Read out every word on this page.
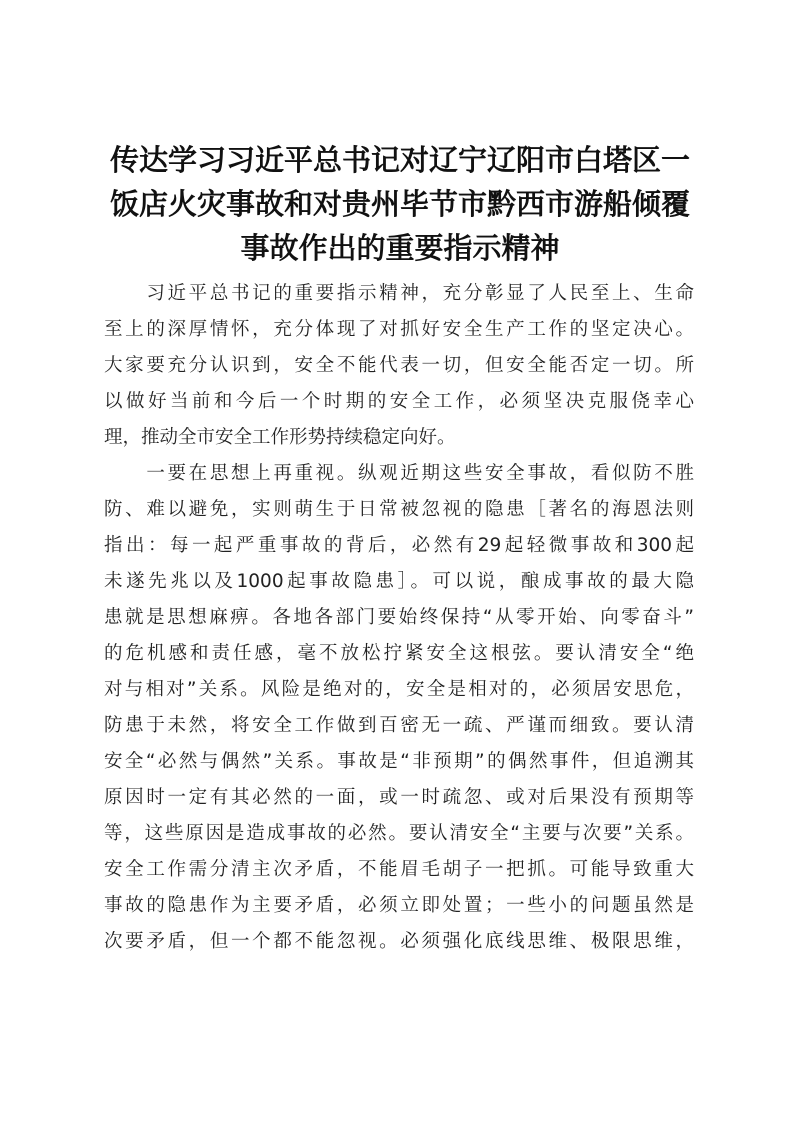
传达学习习近平总书记对辽宁辽阳市白塔区一
饭店火灾事故和对贵州毕节市黔西市游船倾覆
事故作出的重要指示精神

　　习近平总书记的重要指示精神，充分彰显了人民至上、生命
至上的深厚情怀，充分体现了对抓好安全生产工作的坚定决心。
大家要充分认识到，安全不能代表一切，但安全能否定一切。所
以做好当前和今后一个时期的安全工作，必须坚决克服侥幸心
理，推动全市安全工作形势持续稳定向好。

　　一要在思想上再重视。纵观近期这些安全事故，看似防不胜
防、难以避免，实则萌生于日常被忽视的隐患［著名的海恩法则
指出：每一起严重事故的背后，必然有29起轻微事故和300起
未遂先兆以及1000起事故隐患］。可以说，酿成事故的最大隐
患就是思想麻痹。各地各部门要始终保持“从零开始、向零奋斗”
的危机感和责任感，毫不放松拧紧安全这根弦。要认清安全“绝
对与相对”关系。风险是绝对的，安全是相对的，必须居安思危，
防患于未然，将安全工作做到百密无一疏、严谨而细致。要认清
安全“必然与偶然”关系。事故是“非预期”的偶然事件，但追溯其
原因时一定有其必然的一面，或一时疏忽、或对后果没有预期等
等，这些原因是造成事故的必然。要认清安全“主要与次要”关系。
安全工作需分清主次矛盾，不能眉毛胡子一把抓。可能导致重大
事故的隐患作为主要矛盾，必须立即处置；一些小的问题虽然是
次要矛盾，但一个都不能忽视。必须强化底线思维、极限思维，
